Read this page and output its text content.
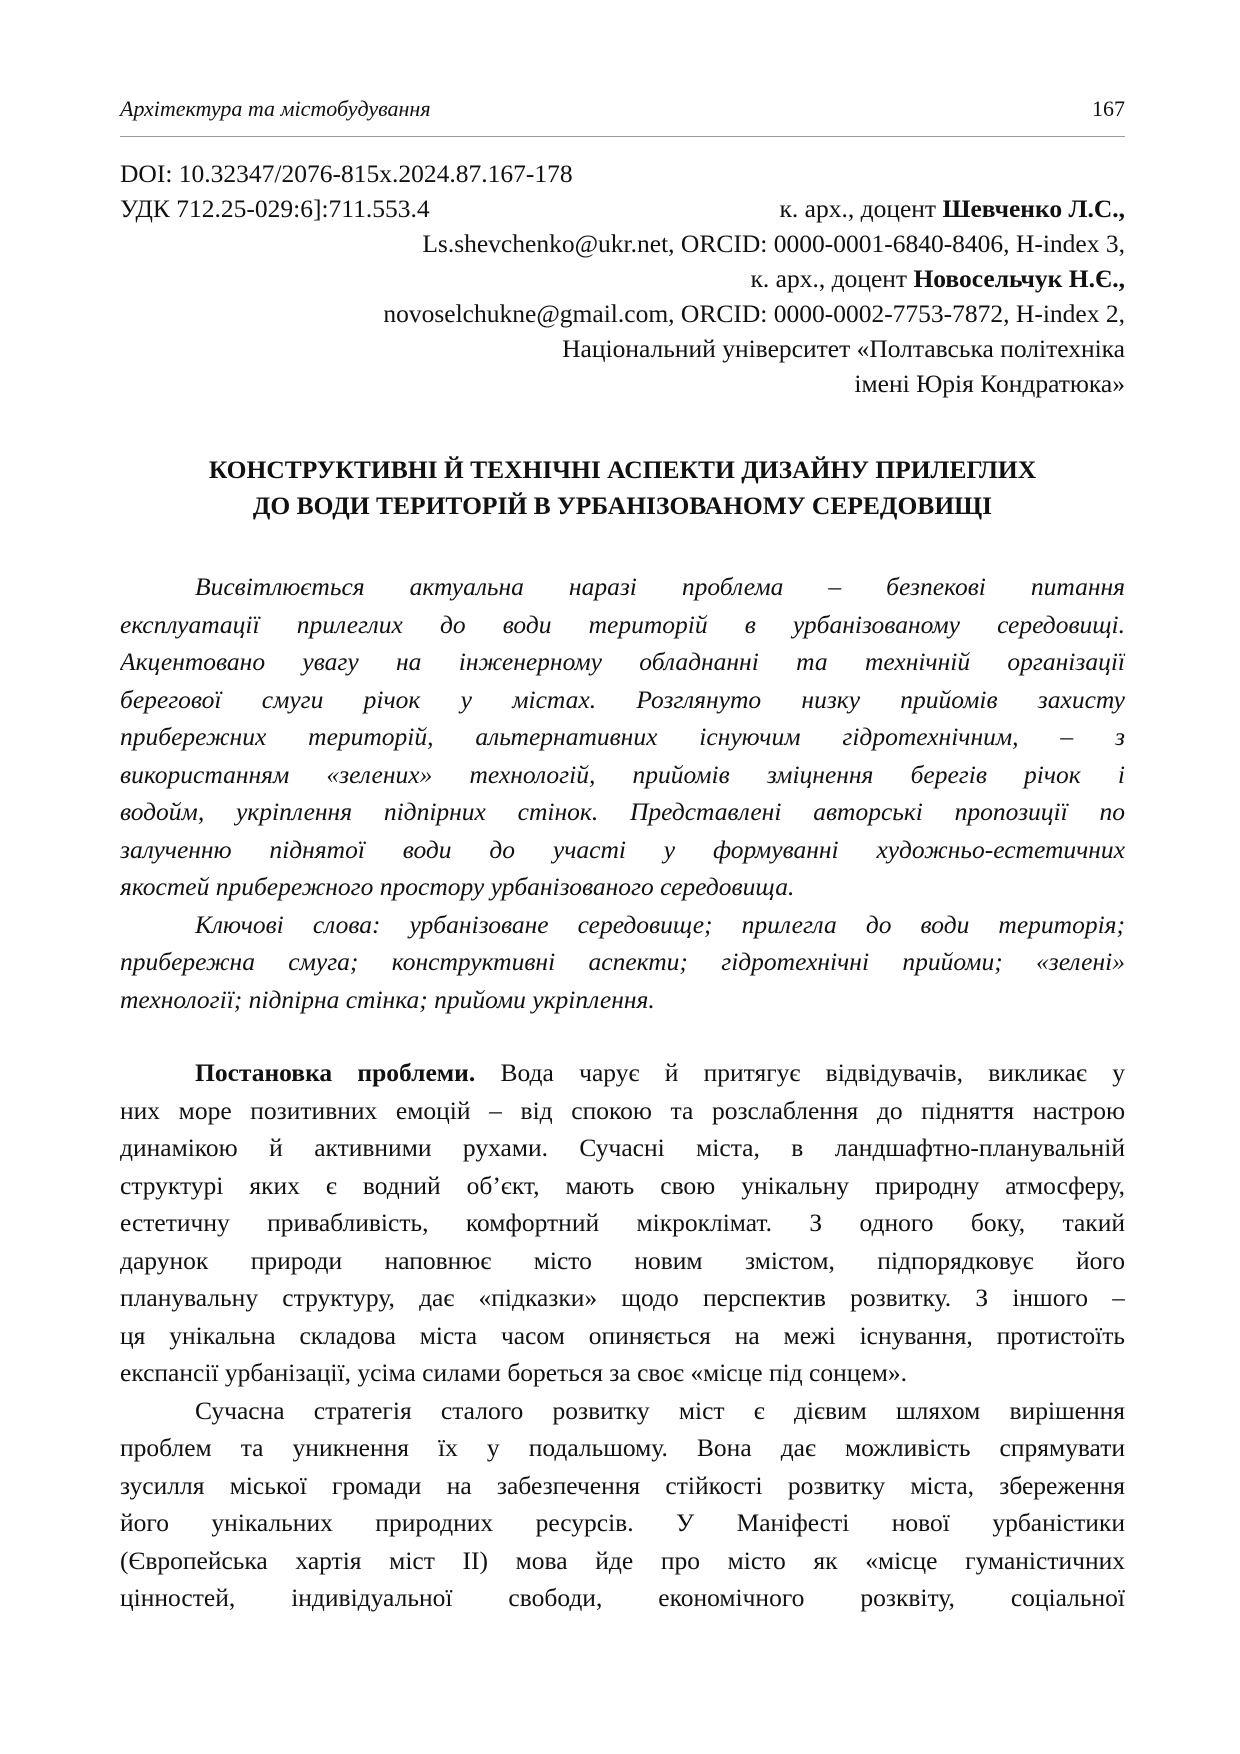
Архітектура та містобудування	167
DOI: 10.32347/2076-815х.2024.87.167-178
УДК 712.25-029:6]:711.553.4	к. арх., доцент Шевченко Л.С.,
Ls.shevchenko@ukr.net, ORCID: 0000-0001-6840-8406, H-index 3,
к. арх., доцент Новосельчук Н.Є.,
novoselchukne@gmail.com, ORCID: 0000-0002-7753-7872, H-index 2,
Національний університет «Полтавська політехніка
імені Юрія Кондратюка»
КОНСТРУКТИВНІ Й ТЕХНІЧНІ АСПЕКТИ ДИЗАЙНУ ПРИЛЕГЛИХ
ДО ВОДИ ТЕРИТОРІЙ В УРБАНІЗОВАНОМУ СЕРЕДОВИЩІ
Висвітлюється актуальна наразі проблема – безпекові питання
експлуатації прилеглих до води територій в урбанізованому середовищі.
Акцентовано увагу на інженерному обладнанні та технічній організації
берегової смуги річок у містах. Розглянуто низку прийомів захисту
прибережних територій, альтернативних існуючим гідротехнічним, – з
використанням «зелених» технологій, прийомів зміцнення берегів річок і
водойм, укріплення підпірних стінок. Представлені авторські пропозиції по
залученню піднятої води до участі у формуванні художньо-естетичних
якостей прибережного простору урбанізованого середовища.
Ключові слова: урбанізоване середовище; прилегла до води територія;
прибережна смуга; конструктивні аспекти; гідротехнічні прийоми; «зелені»
технології; підпірна стінка; прийоми укріплення.
Постановка проблеми. Вода чарує й притягує відвідувачів, викликає у
них море позитивних емоцій – від спокою та розслаблення до підняття настрою
динамікою й активними рухами. Сучасні міста, в ландшафтно-планувальній
структурі яких є водний об’єкт, мають свою унікальну природну атмосферу,
естетичну привабливість, комфортний мікроклімат. З одного боку, такий
дарунок природи наповнює місто новим змістом, підпорядковує його
планувальну структуру, дає «підказки» щодо перспектив розвитку. З іншого –
ця унікальна складова міста часом опиняється на межі існування, протистоїть
експансії урбанізації, усіма силами бореться за своє «місце під сонцем».
Сучасна стратегія сталого розвитку міст є дієвим шляхом вирішення
проблем та уникнення їх у подальшому. Вона дає можливість спрямувати
зусилля міської громади на забезпечення стійкості розвитку міста, збереження
його унікальних природних ресурсів. У Маніфесті нової урбаністики
(Європейська хартія міст ІІ) мова йде про місто як «місце гуманістичних
цінностей, індивідуальної свободи, економічного розквіту, соціальної
